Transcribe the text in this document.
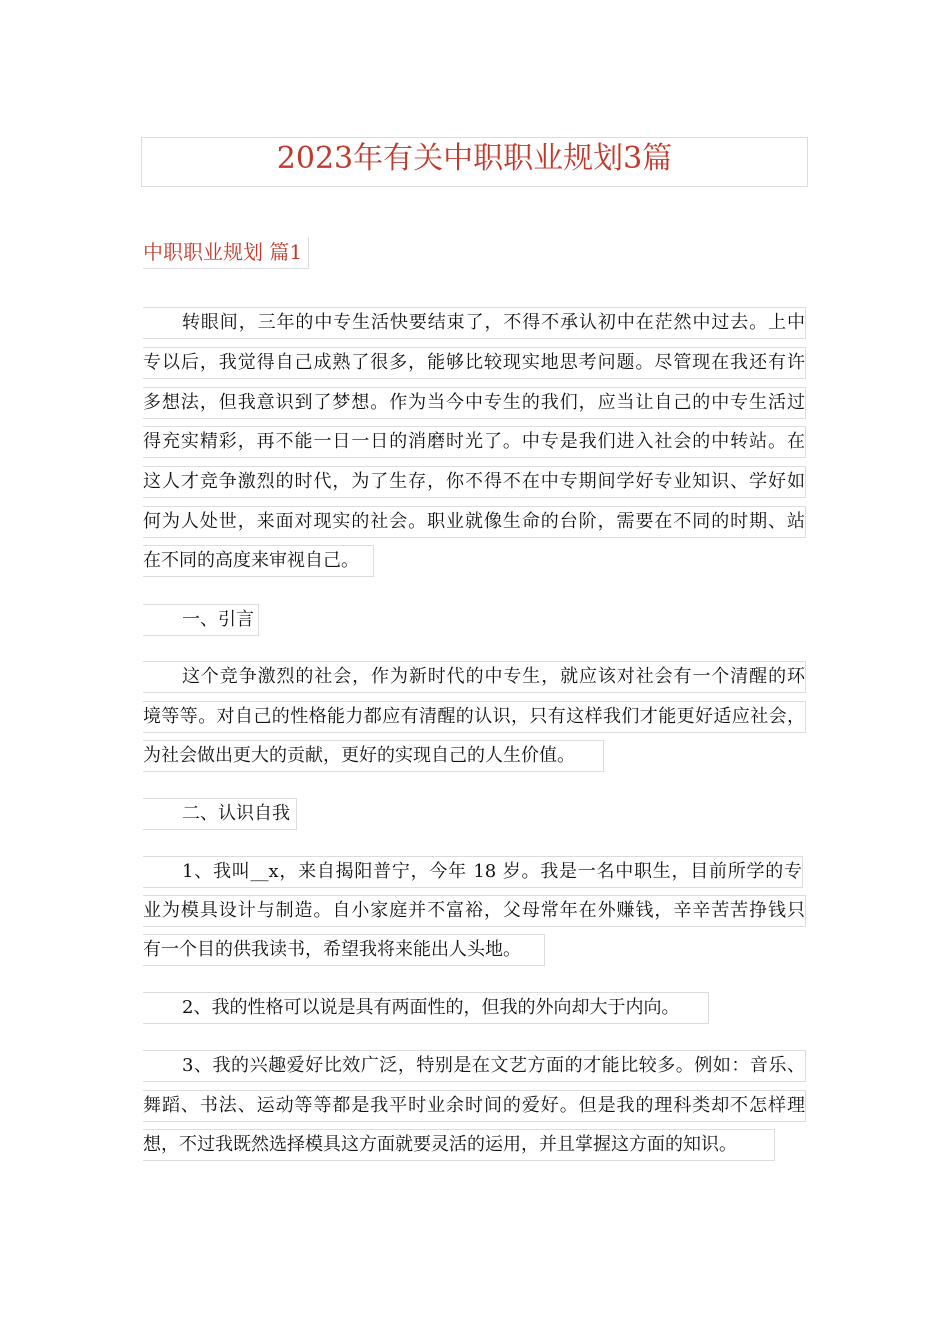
2023年有关中职职业规划3篇
中职职业规划 篇1
转眼间，三年的中专生活快要结束了，不得不承认初中在茫然中过去。上中
专以后，我觉得自己成熟了很多，能够比较现实地思考问题。尽管现在我还有许
多想法，但我意识到了梦想。作为当今中专生的我们，应当让自己的中专生活过
得充实精彩，再不能一日一日的消磨时光了。中专是我们进入社会的中转站。在
这人才竞争激烈的时代，为了生存，你不得不在中专期间学好专业知识、学好如
何为人处世，来面对现实的社会。职业就像生命的台阶，需要在不同的时期、站
在不同的高度来审视自己。
一、引言
这个竞争激烈的社会，作为新时代的中专生，就应该对社会有一个清醒的环
境等等。对自己的性格能力都应有清醒的认识，只有这样我们才能更好适应社会，
为社会做出更大的贡献，更好的实现自己的人生价值。
二、认识自我
1、我叫__x，来自揭阳普宁，今年 18 岁。我是一名中职生，目前所学的专
业为模具设计与制造。自小家庭并不富裕，父母常年在外赚钱，辛辛苦苦挣钱只
有一个目的供我读书，希望我将来能出人头地。
2、我的性格可以说是具有两面性的，但我的外向却大于内向。
3、我的兴趣爱好比效广泛，特别是在文艺方面的才能比较多。例如：音乐、
舞蹈、书法、运动等等都是我平时业余时间的爱好。但是我的理科类却不怎样理
想，不过我既然选择模具这方面就要灵活的运用，并且掌握这方面的知识。
